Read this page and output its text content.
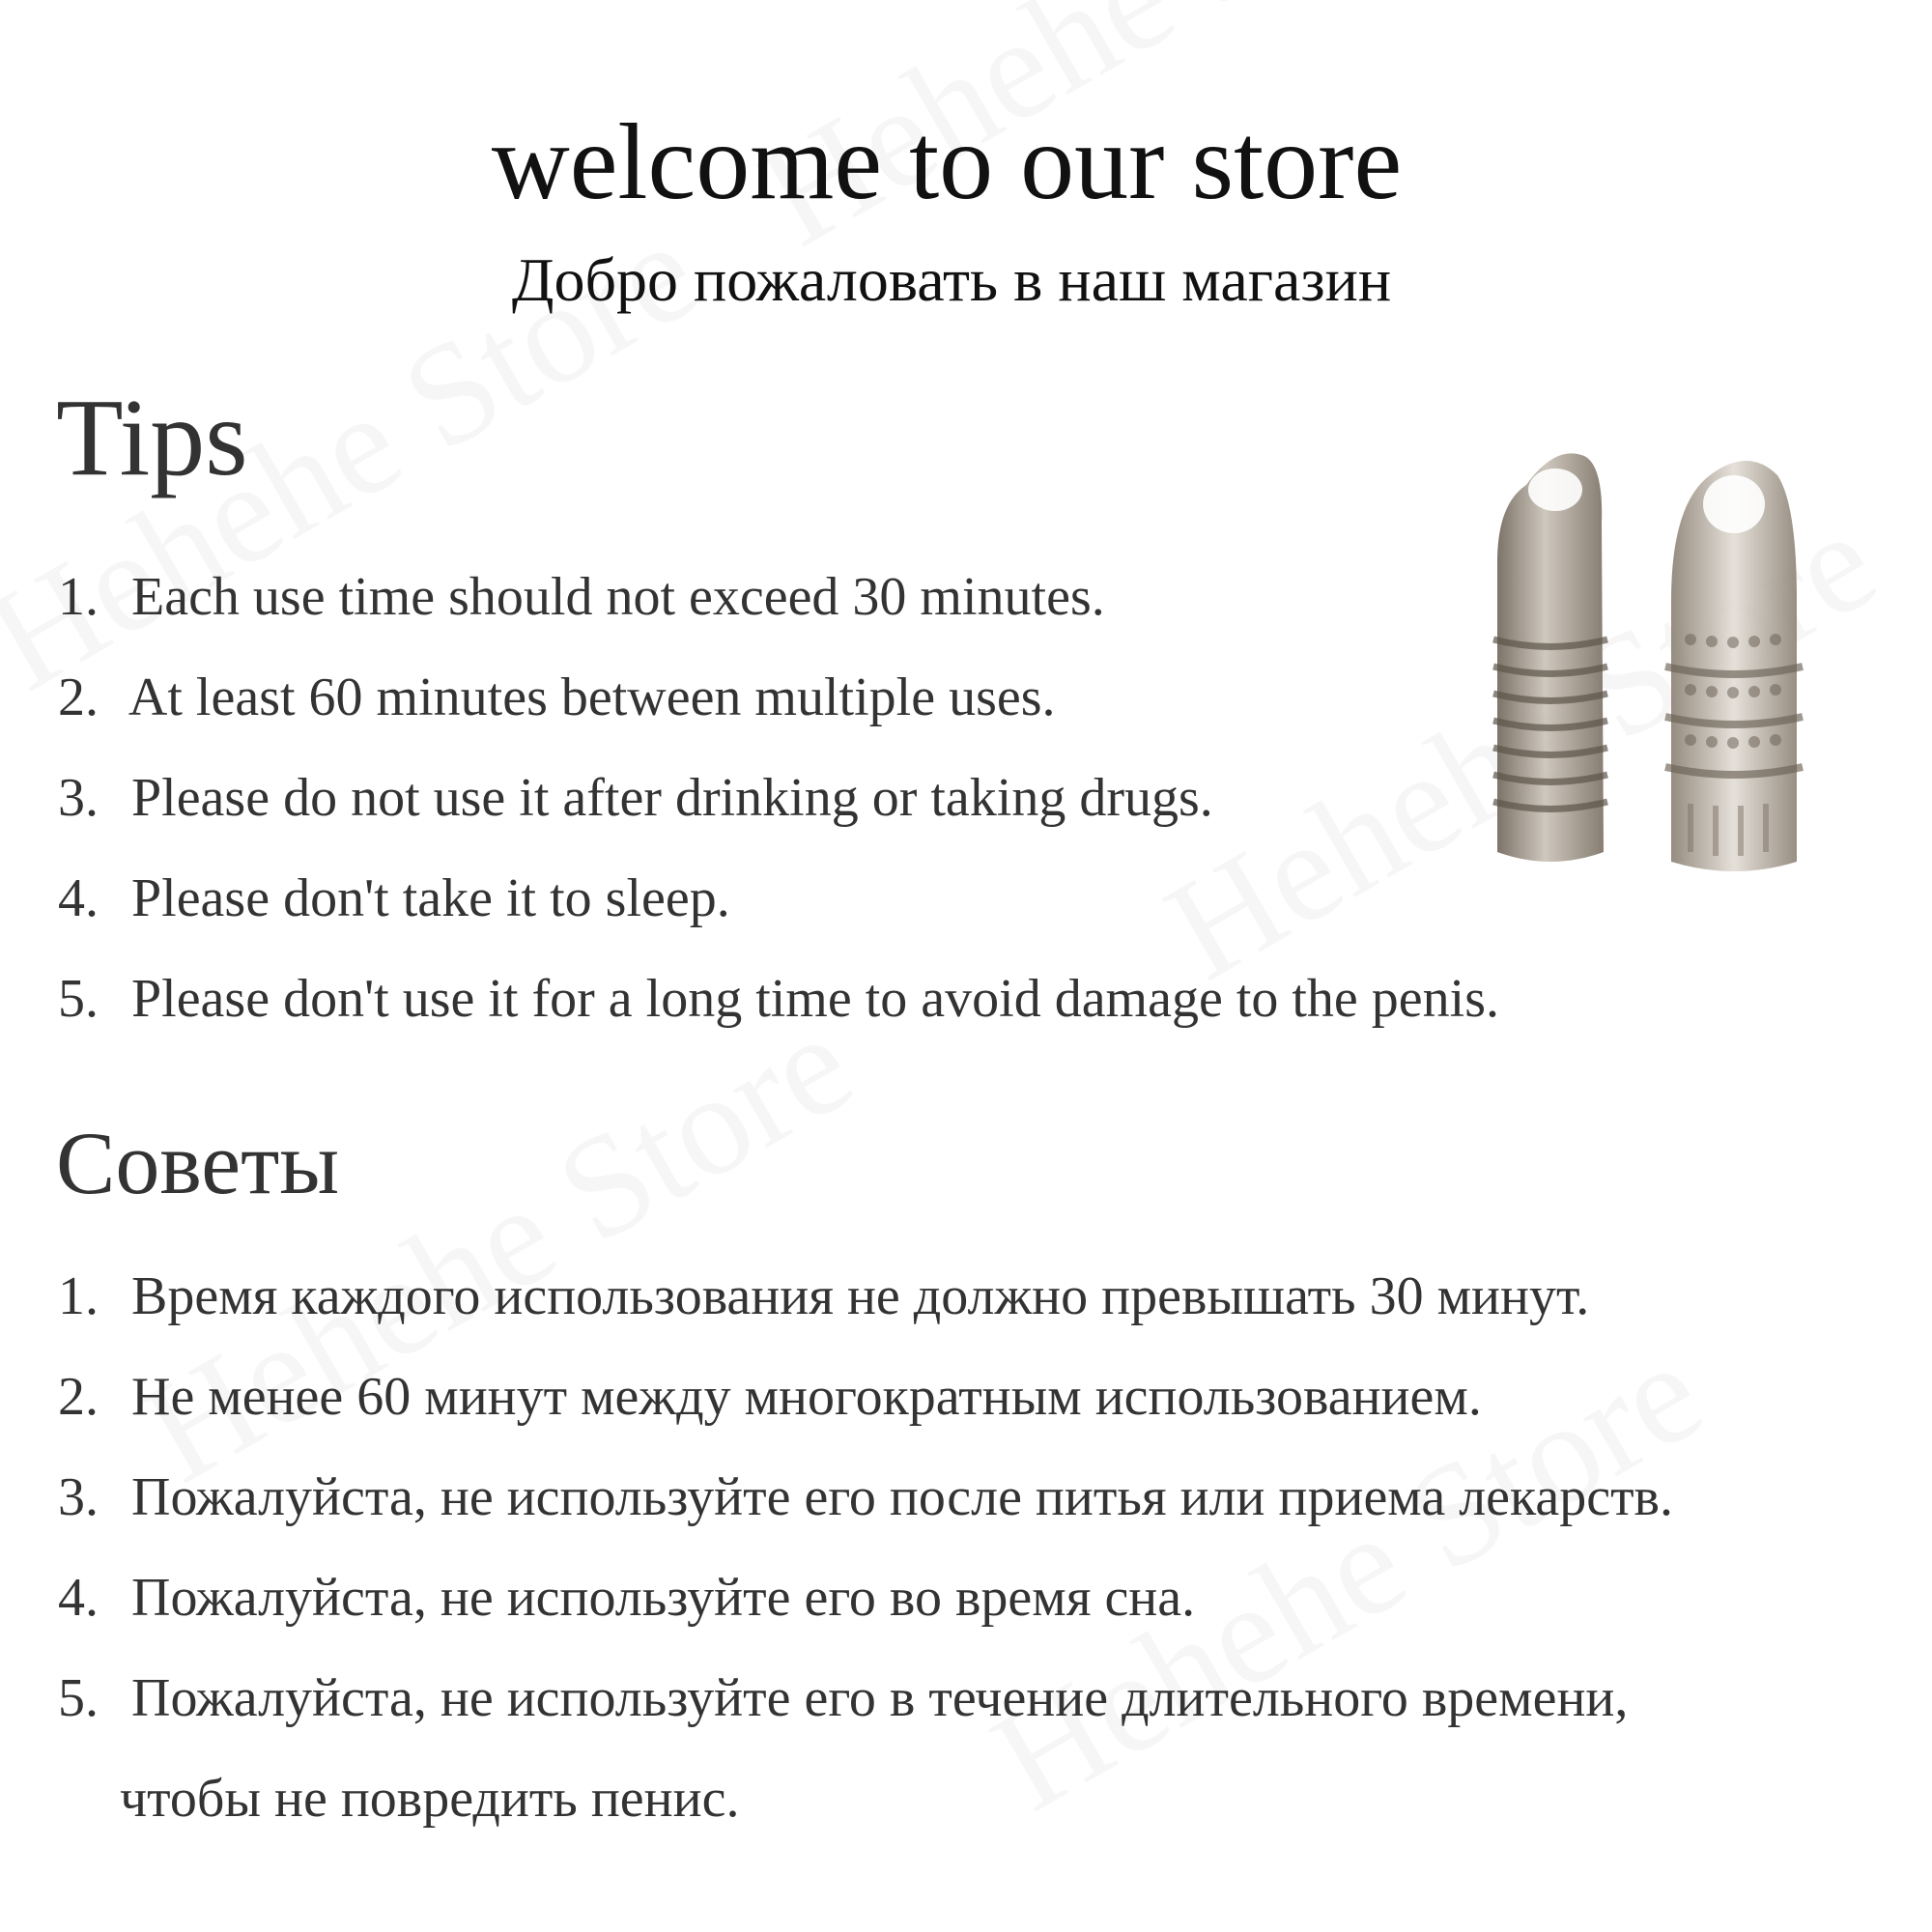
welcome to our store
Добро пожаловать в наш магазин
Tips
1. Each use time should not exceed 30 minutes.
2. At least 60 minutes between multiple uses.
3. Please do not use it after drinking or taking drugs.
4. Please don't take it to sleep.
5. Please don't use it for a long time to avoid damage to the penis.
Советы
1. Время каждого использования не должно превышать 30 минут.
2. Не менее 60 минут между многократным использованием.
3. Пожалуйста, не используйте его после питья или приема лекарств.
4. Пожалуйста, не используйте его во время сна.
5. Пожалуйста, не используйте его в течение длительного времени,
чтобы не повредить пенис.
